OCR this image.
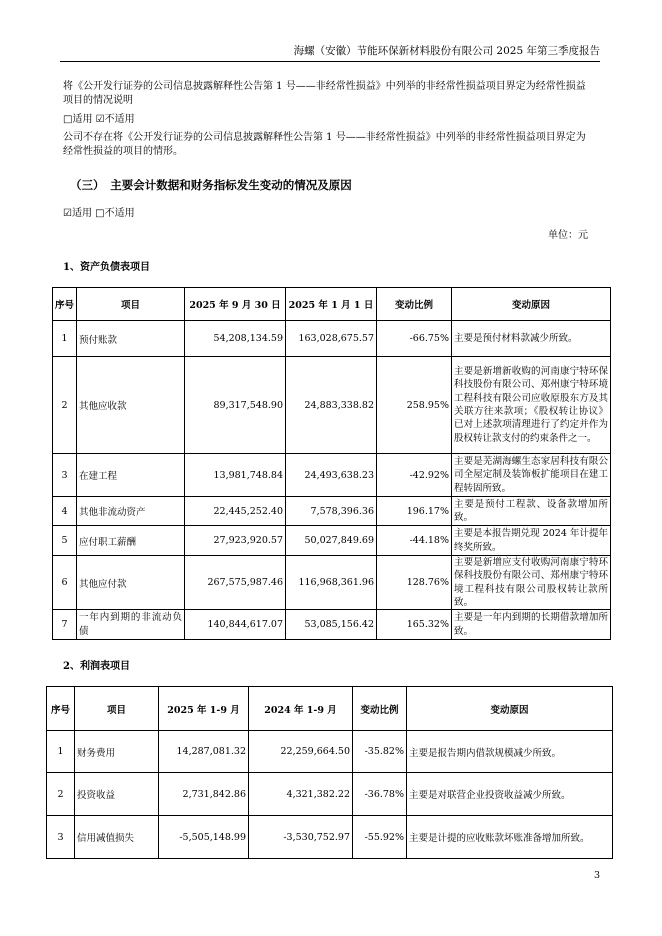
海螺（安徽）节能环保新材料股份有限公司 2025 年第三季度报告
将《公开发行证券的公司信息披露解释性公告第 1 号——非经常性损益》中列举的非经常性损益项目界定为经常性损益
项目的情况说明
□适用 ☑不适用
公司不存在将《公开发行证券的公司信息披露解释性公告第 1 号——非经常性损益》中列举的非经常性损益项目界定为
经常性损益的项目的情形。
（三）　主要会计数据和财务指标发生变动的情况及原因
☑适用 □不适用
单位：元
1、资产负债表项目
序号	项目	2025 年 9 月 30 日	2025 年 1 月 1 日	变动比例	变动原因
1	预付账款	54,208,134.59	163,028,675.57	-66.75%	主要是预付材料款减少所致。
2	其他应收款	89,317,548.90	24,883,338.82	258.95%	主要是新增新收购的河南康宁特环保科技股份有限公司、郑州康宁特环境工程科技有限公司应收原股东方及其关联方往来款项；《股权转让协议》已对上述款项清理进行了约定并作为股权转让款支付的约束条件之一。
3	在建工程	13,981,748.84	24,493,638.23	-42.92%	主要是芜湖海螺生态家居科技有限公司全屋定制及装饰板扩能项目在建工程转固所致。
4	其他非流动资产	22,445,252.40	7,578,396.36	196.17%	主要是预付工程款、设备款增加所致。
5	应付职工薪酬	27,923,920.57	50,027,849.69	-44.18%	主要是本报告期兑现 2024 年计提年终奖所致。
6	其他应付款	267,575,987.46	116,968,361.96	128.76%	主要是新增应支付收购河南康宁特环保科技股份有限公司、郑州康宁特环境工程科技有限公司股权转让款所致。
7	一年内到期的非流动负债	140,844,617.07	53,085,156.42	165.32%	主要是一年内到期的长期借款增加所致。
2、利润表项目
序号	项目	2025 年 1-9 月	2024 年 1-9 月	变动比例	变动原因
1	财务费用	14,287,081.32	22,259,664.50	-35.82%	主要是报告期内借款规模减少所致。
2	投资收益	2,731,842.86	4,321,382.22	-36.78%	主要是对联营企业投资收益减少所致。
3	信用减值损失	-5,505,148.99	-3,530,752.97	-55.92%	主要是计提的应收账款坏账准备增加所致。
3
